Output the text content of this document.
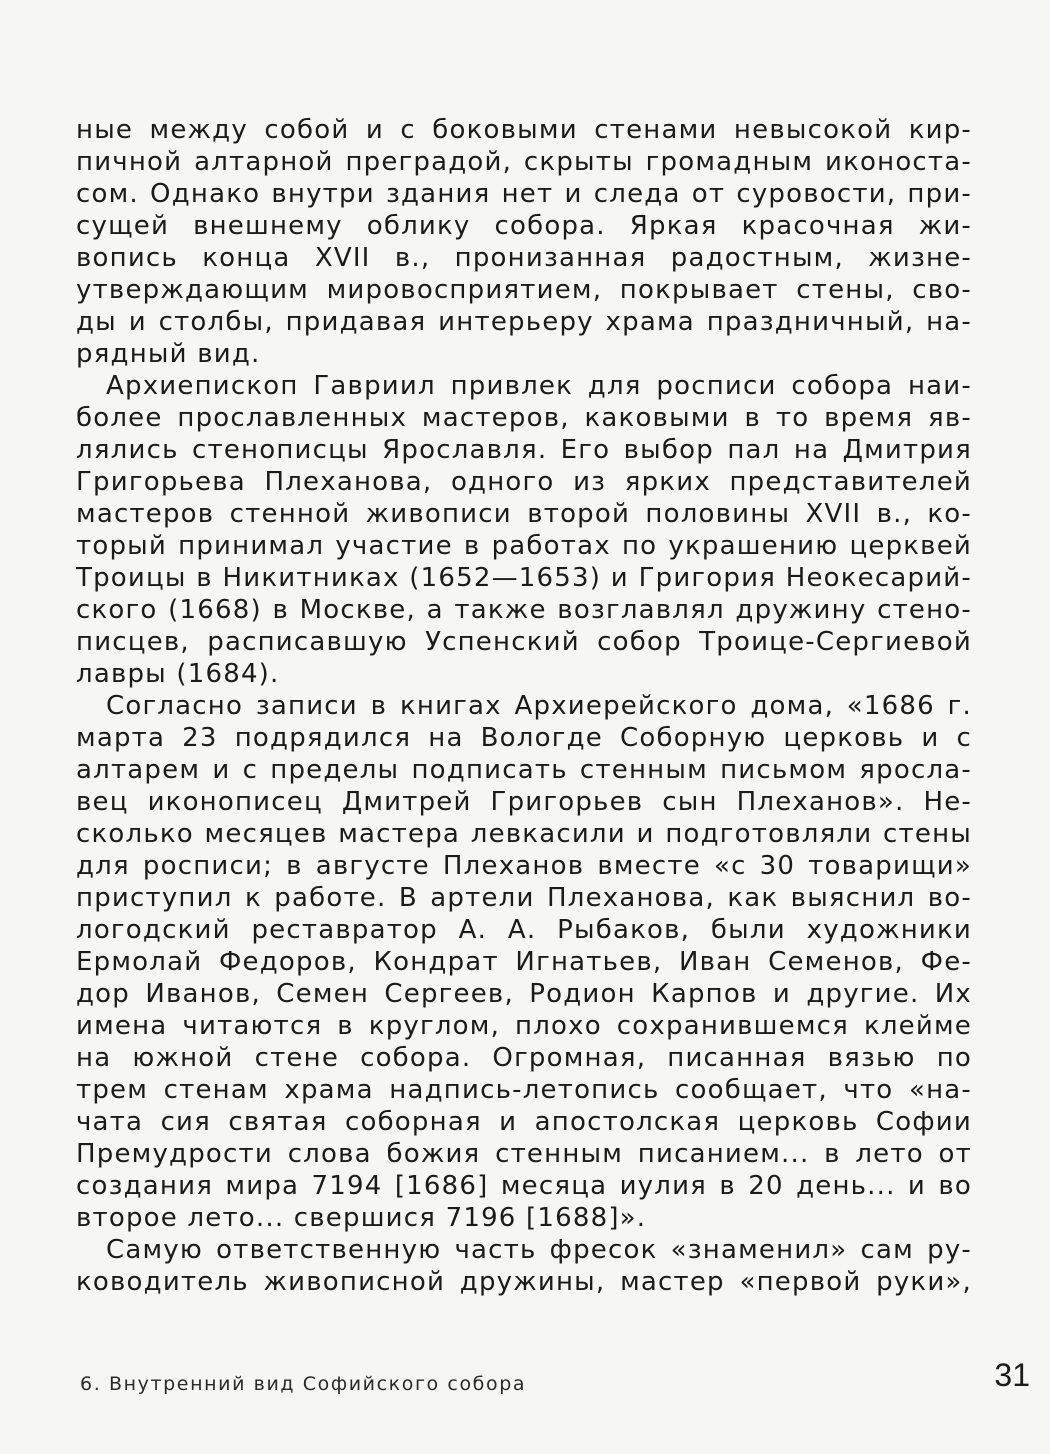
ные между собой и с боковыми стенами невысокой кир-
пичной алтарной преградой, скрыты громадным иконоста-
сом. Однако внутри здания нет и следа от суровости, при-
сущей внешнему облику собора. Яркая красочная жи-
вопись конца XVII в., пронизанная радостным, жизне-
утверждающим мировосприятием, покрывает стены, сво-
ды и столбы, придавая интерьеру храма праздничный, на-
рядный вид.
Архиепископ Гавриил привлек для росписи собора наи-
более прославленных мастеров, каковыми в то время яв-
лялись стенописцы Ярославля. Его выбор пал на Дмитрия
Григорьева Плеханова, одного из ярких представителей
мастеров стенной живописи второй половины XVII в., ко-
торый принимал участие в работах по украшению церквей
Троицы в Никитниках (1652—1653) и Григория Неокесарий-
ского (1668) в Москве, а также возглавлял дружину стено-
писцев, расписавшую Успенский собор Троице-Сергиевой
лавры (1684).
Согласно записи в книгах Архиерейского дома, «1686 г.
марта 23 подрядился на Вологде Соборную церковь и с
алтарем и с пределы подписать стенным письмом яросла-
вец иконописец Дмитрей Григорьев сын Плеханов». Не-
сколько месяцев мастера левкасили и подготовляли стены
для росписи; в августе Плеханов вместе «с 30 товарищи»
приступил к работе. В артели Плеханова, как выяснил во-
логодский реставратор А. А. Рыбаков, были художники
Ермолай Федоров, Кондрат Игнатьев, Иван Семенов, Фе-
дор Иванов, Семен Сергеев, Родион Карпов и другие. Их
имена читаются в круглом, плохо сохранившемся клейме
на южной стене собора. Огромная, писанная вязью по
трем стенам храма надпись-летопись сообщает, что «на-
чата сия святая соборная и апостолская церковь Софии
Премудрости слова божия стенным писанием... в лето от
создания мира 7194 [1686] месяца иулия в 20 день... и во
второе лето... свершися 7196 [1688]».
Самую ответственную часть фресок «знаменил» сам ру-
ководитель живописной дружины, мастер «первой руки»,
6. Внутренний вид Софийского собора	31
